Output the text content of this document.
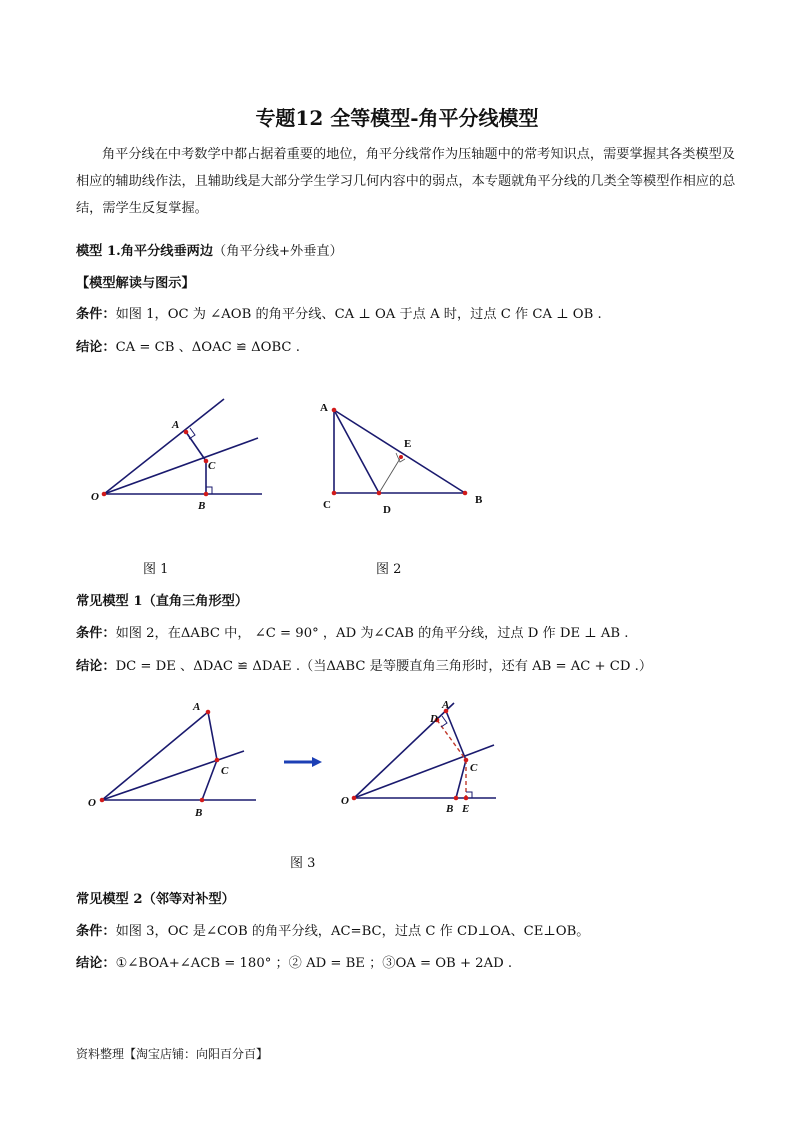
专题12 全等模型-角平分线模型

角平分线在中考数学中都占据着重要的地位，角平分线常作为压轴题中的常考知识点，需要掌握其各类模型及相应的辅助线作法，且辅助线是大部分学生学习几何内容中的弱点，本专题就角平分线的几类全等模型作相应的总结，需学生反复掌握。

模型 1.角平分线垂两边（角平分线+外垂直）
【模型解读与图示】
条件：如图 1，OC 为 ∠AOB 的角平分线、CA ⊥ OA 于点 A 时，过点 C 作 CA ⊥ OB .
结论：CA = CB 、ΔOAC ≌ ΔOBC .
A
C
O
B
A
E
C	D
B
图 1	图 2
常见模型 1（直角三角形型）
条件：如图 2，在ΔABC 中， ∠C = 90° ，AD 为∠CAB 的角平分线，过点 D 作 DE ⊥ AB .
结论：DC = DE 、ΔDAC ≌ ΔDAE .（当ΔABC 是等腰直角三角形时，还有 AB = AC + CD .）
A
C
O
B
D
A
C
O
B E
图 3
常见模型 2（邻等对补型）
条件：如图 3，OC 是∠COB 的角平分线，AC=BC，过点 C 作 CD⊥OA、CE⊥OB。
结论：①∠BOA+∠ACB = 180° ；② AD = BE ；③OA = OB + 2AD .
资料整理【淘宝店铺：向阳百分百】
